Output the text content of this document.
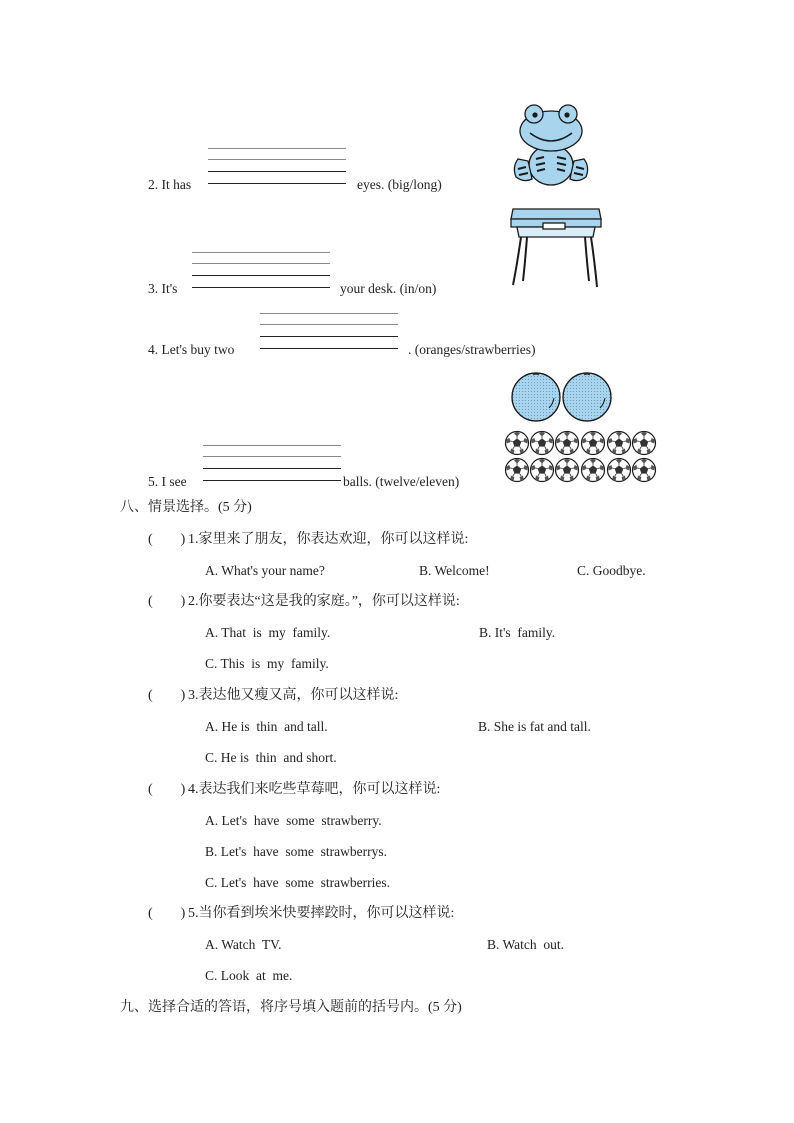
2. It has	eyes. (big/long)
3. It's	your desk. (in/on)
4. Let's buy two	. (oranges/strawberries)
5. I see	balls. (twelve/eleven)
八、情景选择。(5 分)
(        ) 1.家里来了朋友，你表达欢迎，你可以这样说:
A. What's your name?	B. Welcome!	C. Goodbye.
(        ) 2.你要表达“这是我的家庭。”，你可以这样说:
A. That  is  my  family.	B. It's  family.
C. This  is  my  family.
(        ) 3.表达他又瘦又高，你可以这样说:
A. He is  thin  and tall.	B. She is fat and tall.
C. He is  thin  and short.
(        ) 4.表达我们来吃些草莓吧，你可以这样说:
A. Let's  have  some  strawberry.
B. Let's  have  some  strawberrys.
C. Let's  have  some  strawberries.
(        ) 5.当你看到埃米快要摔跤时，你可以这样说:
A. Watch  TV.	B. Watch  out.
C. Look  at  me.
九、选择合适的答语，将序号填入题前的括号内。(5 分)
